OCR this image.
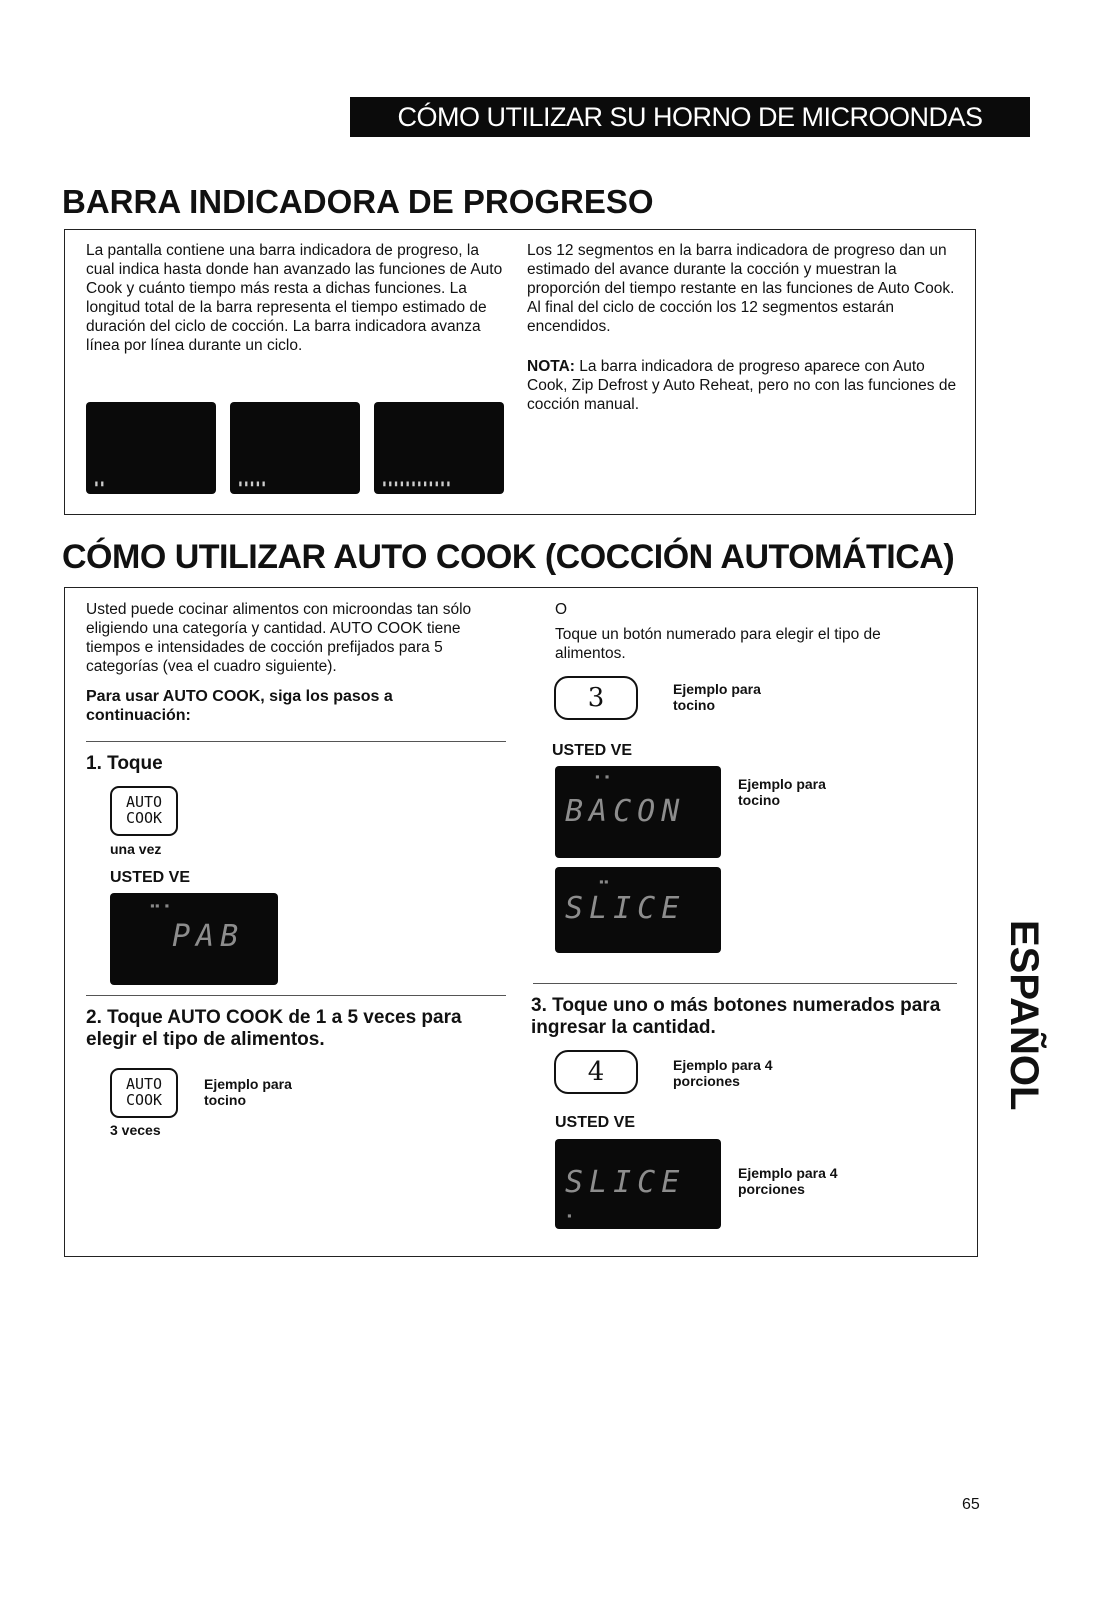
CÓMO UTILIZAR SU HORNO DE MICROONDAS
BARRA INDICADORA DE PROGRESO
La pantalla contiene una barra indicadora de progreso, la cual indica hasta donde han avanzado las funciones de Auto Cook y cuánto tiempo más resta a dichas funciones. La longitud total de la barra representa el tiempo estimado de duración del ciclo de cocción. La barra indicadora avanza línea por línea durante un ciclo.
▮▮	▮▮▮▮▮	▮▮▮▮▮▮▮▮▮▮▮▮
Los 12 segmentos en la barra indicadora de progreso dan un estimado del avance durante la cocción y muestran la proporción del tiempo restante en las funciones de Auto Cook. Al final del ciclo de cocción los 12 segmentos estarán encendidos.
NOTA: La barra indicadora de progreso aparece con Auto Cook, Zip Defrost y Auto Reheat, pero no con las funciones de cocción manual.
CÓMO UTILIZAR AUTO COOK (COCCIÓN AUTOMÁTICA)
Usted puede cocinar alimentos con microondas tan sólo eligiendo una categoría y cantidad. AUTO COOK tiene tiempos e intensidades de cocción prefijados para 5 categorías (vea el cuadro siguiente).
Para usar AUTO COOK, siga los pasos a continuación:
1. Toque
AUTO
COOK
una vez
USTED VE
▪▪ ▪
PAB
2. Toque AUTO COOK de 1 a 5 veces para elegir el tipo de alimentos.
AUTO
COOK
Ejemplo para tocino
3 veces
O
Toque un botón numerado para elegir el tipo de alimentos.
3	Ejemplo para tocino
USTED VE
▪ ▪
BACON
Ejemplo para tocino
▪▪
SLICE
3. Toque uno o más botones numerados para ingresar la cantidad.
4	Ejemplo para 4 porciones
USTED VE
SLICE
▪
Ejemplo para 4 porciones
ESPAÑOL
65
